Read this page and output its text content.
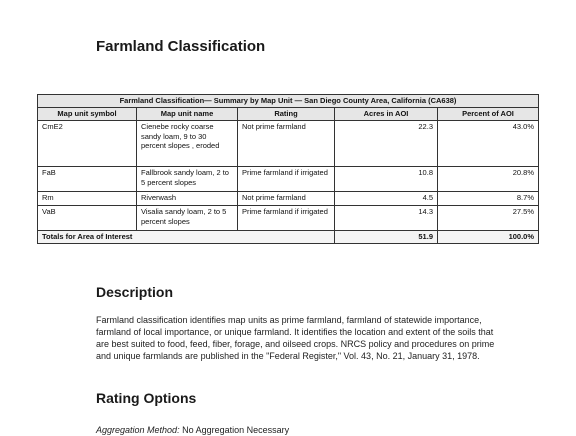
Farmland Classification
Farmland Classification— Summary by Map Unit — San Diego County Area, California (CA638)				
Map unit symbol	Map unit name	Rating	Acres in AOI	Percent of AOI
CmE2	Cienebe rocky coarse sandy loam, 9 to 30 percent slopes , eroded	Not prime farmland	22.3	43.0%
FaB	Fallbrook sandy loam, 2 to 5 percent slopes	Prime farmland if irrigated	10.8	20.8%
Rm	Riverwash	Not prime farmland	4.5	8.7%
VaB	Visalia sandy loam, 2 to 5 percent slopes	Prime farmland if irrigated	14.3	27.5%
Totals for Area of Interest			51.9	100.0%
Description

Farmland classification identifies map units as prime farmland, farmland of statewide importance, farmland of local importance, or unique farmland. It identifies the location and extent of the soils that are best suited to food, feed, fiber, forage, and oilseed crops. NRCS policy and procedures on prime and unique farmlands are published in the "Federal Register," Vol. 43, No. 21, January 31, 1978.

Rating Options

Aggregation Method: No Aggregation Necessary
